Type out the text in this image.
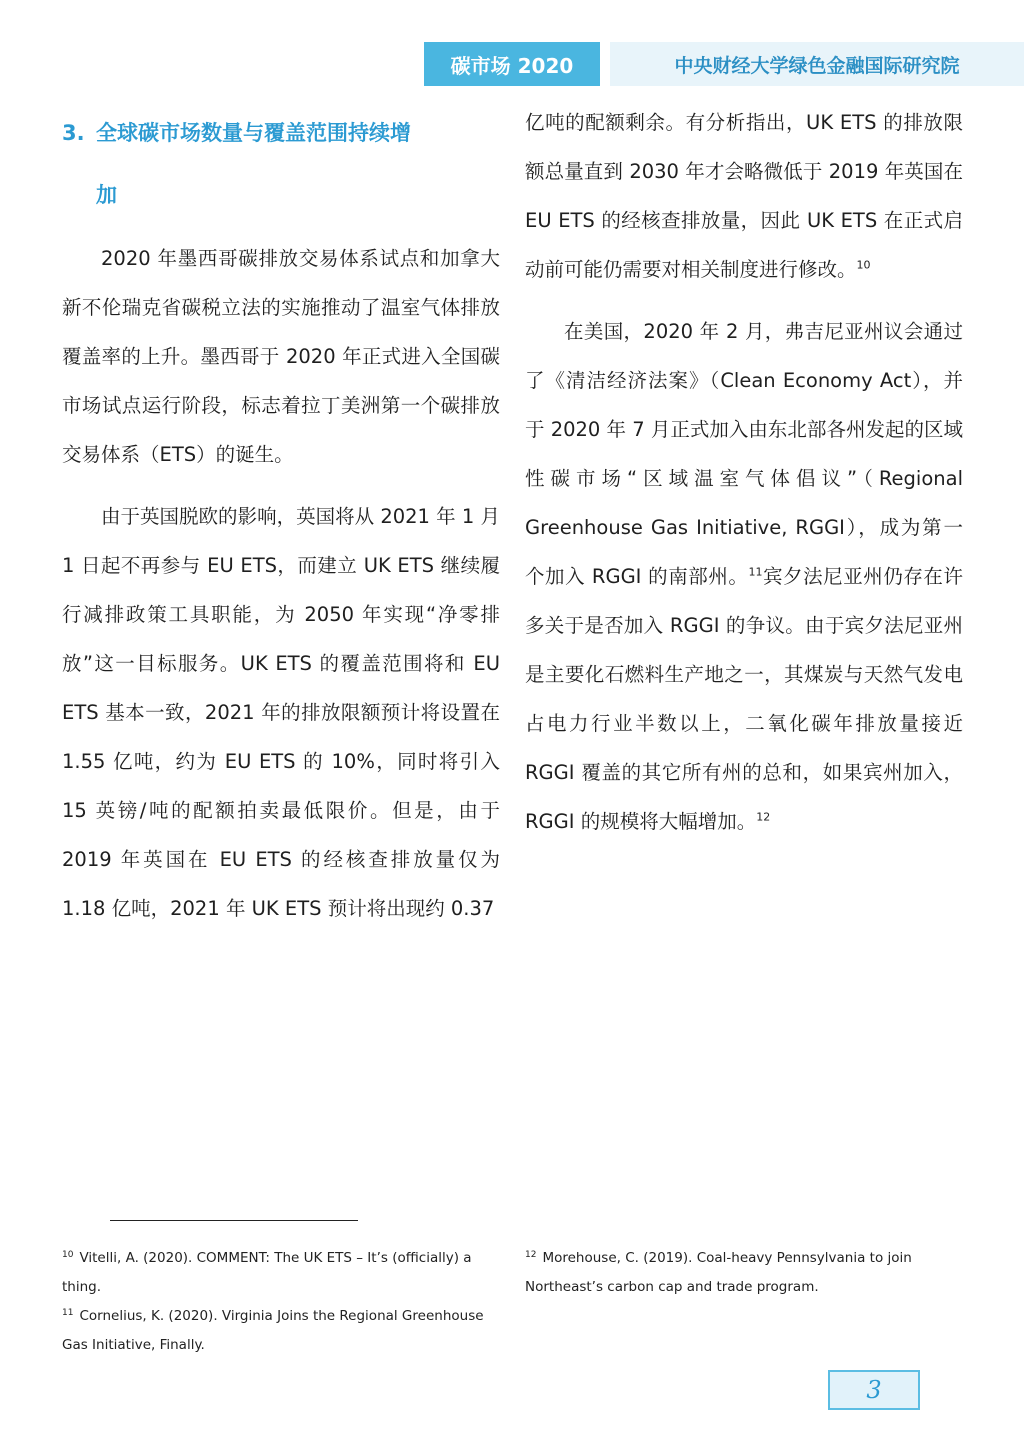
碳市场 2020	中央财经大学绿色金融国际研究院
3. 全球碳市场数量与覆盖范围持续增
加

2020 年墨西哥碳排放交易体系试点和加拿大新不伦瑞克省碳税立法的实施推动了温室气体排放覆盖率的上升。墨西哥于 2020 年正式进入全国碳市场试点运行阶段，标志着拉丁美洲第一个碳排放交易体系（ETS）的诞生。

由于英国脱欧的影响，英国将从 2021 年 1 月 1 日起不再参与 EU ETS，而建立 UK ETS 继续履行减排政策工具职能，为 2050 年实现“净零排放”这一目标服务。UK ETS 的覆盖范围将和 EU ETS 基本一致，2021 年的排放限额预计将设置在 1.55 亿吨，约为 EU ETS 的 10%，同时将引入 15 英镑/吨的配额拍卖最低限价。但是，由于 2019 年英国在 EU ETS 的经核查排放量仅为 1.18 亿吨，2021 年 UK ETS 预计将出现约 0.37

亿吨的配额剩余。有分析指出，UK ETS 的排放限额总量直到 2030 年才会略微低于 2019 年英国在 EU ETS 的经核查排放量，因此 UK ETS 在正式启动前可能仍需要对相关制度进行修改。$^{10}$

在美国，2020 年 2 月，弗吉尼亚州议会通过了《清洁经济法案》（Clean Economy Act），并于 2020 年 7 月正式加入由东北部各州发起的区域性碳市场“区域温室气体倡议”（Regional Greenhouse Gas Initiative, RGGI），成为第一个加入 RGGI 的南部州。$^{11}$宾夕法尼亚州仍存在许多关于是否加入 RGGI 的争议。由于宾夕法尼亚州是主要化石燃料生产地之一，其煤炭与天然气发电占电力行业半数以上，二氧化碳年排放量接近 RGGI 覆盖的其它所有州的总和，如果宾州加入，RGGI 的规模将大幅增加。$^{12}$

$^{10}$ Vitelli, A. (2020). COMMENT: The UK ETS – It’s (officially) a thing.
$^{11}$ Cornelius, K. (2020). Virginia Joins the Regional Greenhouse Gas Initiative, Finally.
$^{12}$ Morehouse, C. (2019). Coal-heavy Pennsylvania to join Northeast’s carbon cap and trade program.
3
